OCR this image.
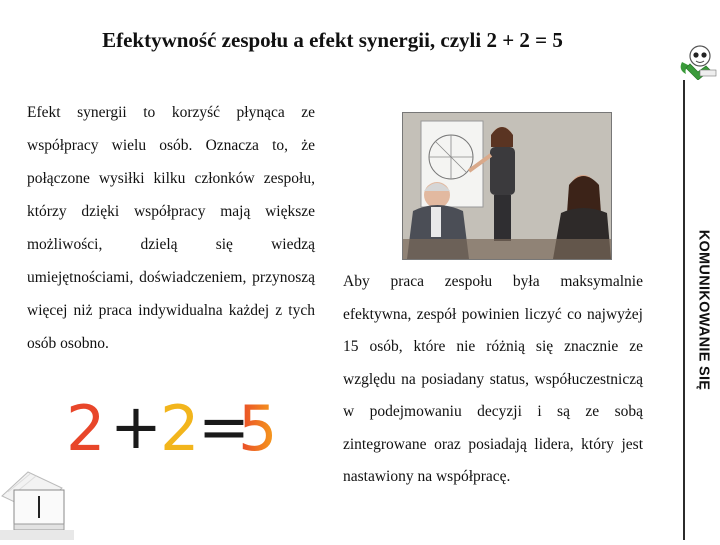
Efektywność zespołu a efekt synergii, czyli 2 + 2 = 5

Efekt synergii to korzyść płynąca ze współpracy wielu osób. Oznacza to, że połączone wysiłki kilku członków zespołu, którzy dzięki współpracy mają większe możliwości, dzielą się wiedzą umiejętnościami, doświadczeniem, przynoszą więcej niż praca indywidualna każdej z tych osób osobno.

Aby praca zespołu była maksymalnie efektywna, zespół powinien liczyć co najwyżej 15 osób, które nie różnią się znacznie ze względu na posiadany status, współuczestniczą w podejmowaniu decyzji i są ze sobą zintegrowane oraz posiadają lidera, który jest nastawiony na współpracę.

2 +
2
=
5
KOMUNIKOWANIE SIĘ
